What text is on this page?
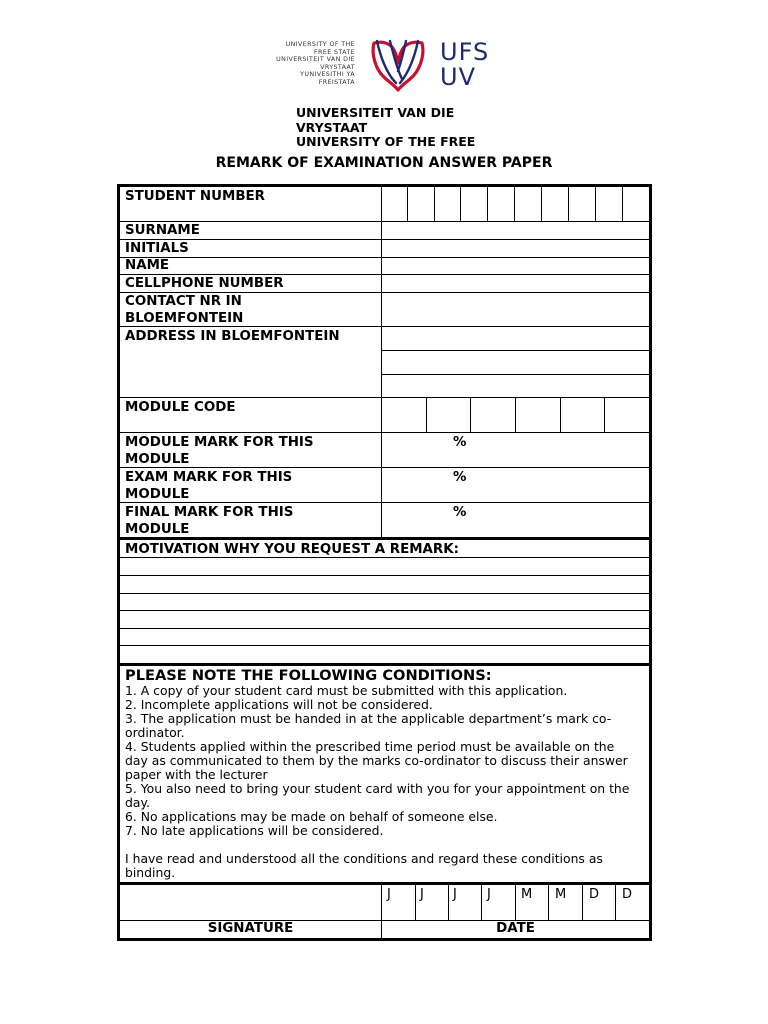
UNIVERSITY OF THE
FREE STATE
UNIVERSITEIT VAN DIE
VRYSTAAT
YUNIVESITHI YA
FREISTATA
UFS
UV
UNIVERSITEIT VAN DIE
VRYSTAAT
UNIVERSITY OF THE FREE
REMARK OF EXAMINATION ANSWER PAPER
STUDENT NUMBER
SURNAME
INITIALS
NAME
CELLPHONE NUMBER
CONTACT NR IN
BLOEMFONTEIN
ADDRESS IN BLOEMFONTEIN
MODULE CODE
MODULE MARK FOR THIS
MODULE
EXAM MARK FOR THIS
MODULE
FINAL MARK FOR THIS
MODULE
%
%
%
MOTIVATION WHY YOU REQUEST A REMARK:
PLEASE NOTE THE FOLLOWING CONDITIONS:
1. A copy of your student card must be submitted with this application.
2. Incomplete applications will not be considered.
3. The application must be handed in at the applicable department’s mark co-ordinator.
4. Students applied within the prescribed time period must be available on the day as communicated to them by the marks co-ordinator to discuss their answer paper with the lecturer
5. You also need to bring your student card with you for your appointment on the day.
6. No applications may be made on behalf of someone else.
7. No late applications will be considered.
I have read and understood all the conditions and regard these conditions as binding.
J J J J M M D D
SIGNATURE	DATE
